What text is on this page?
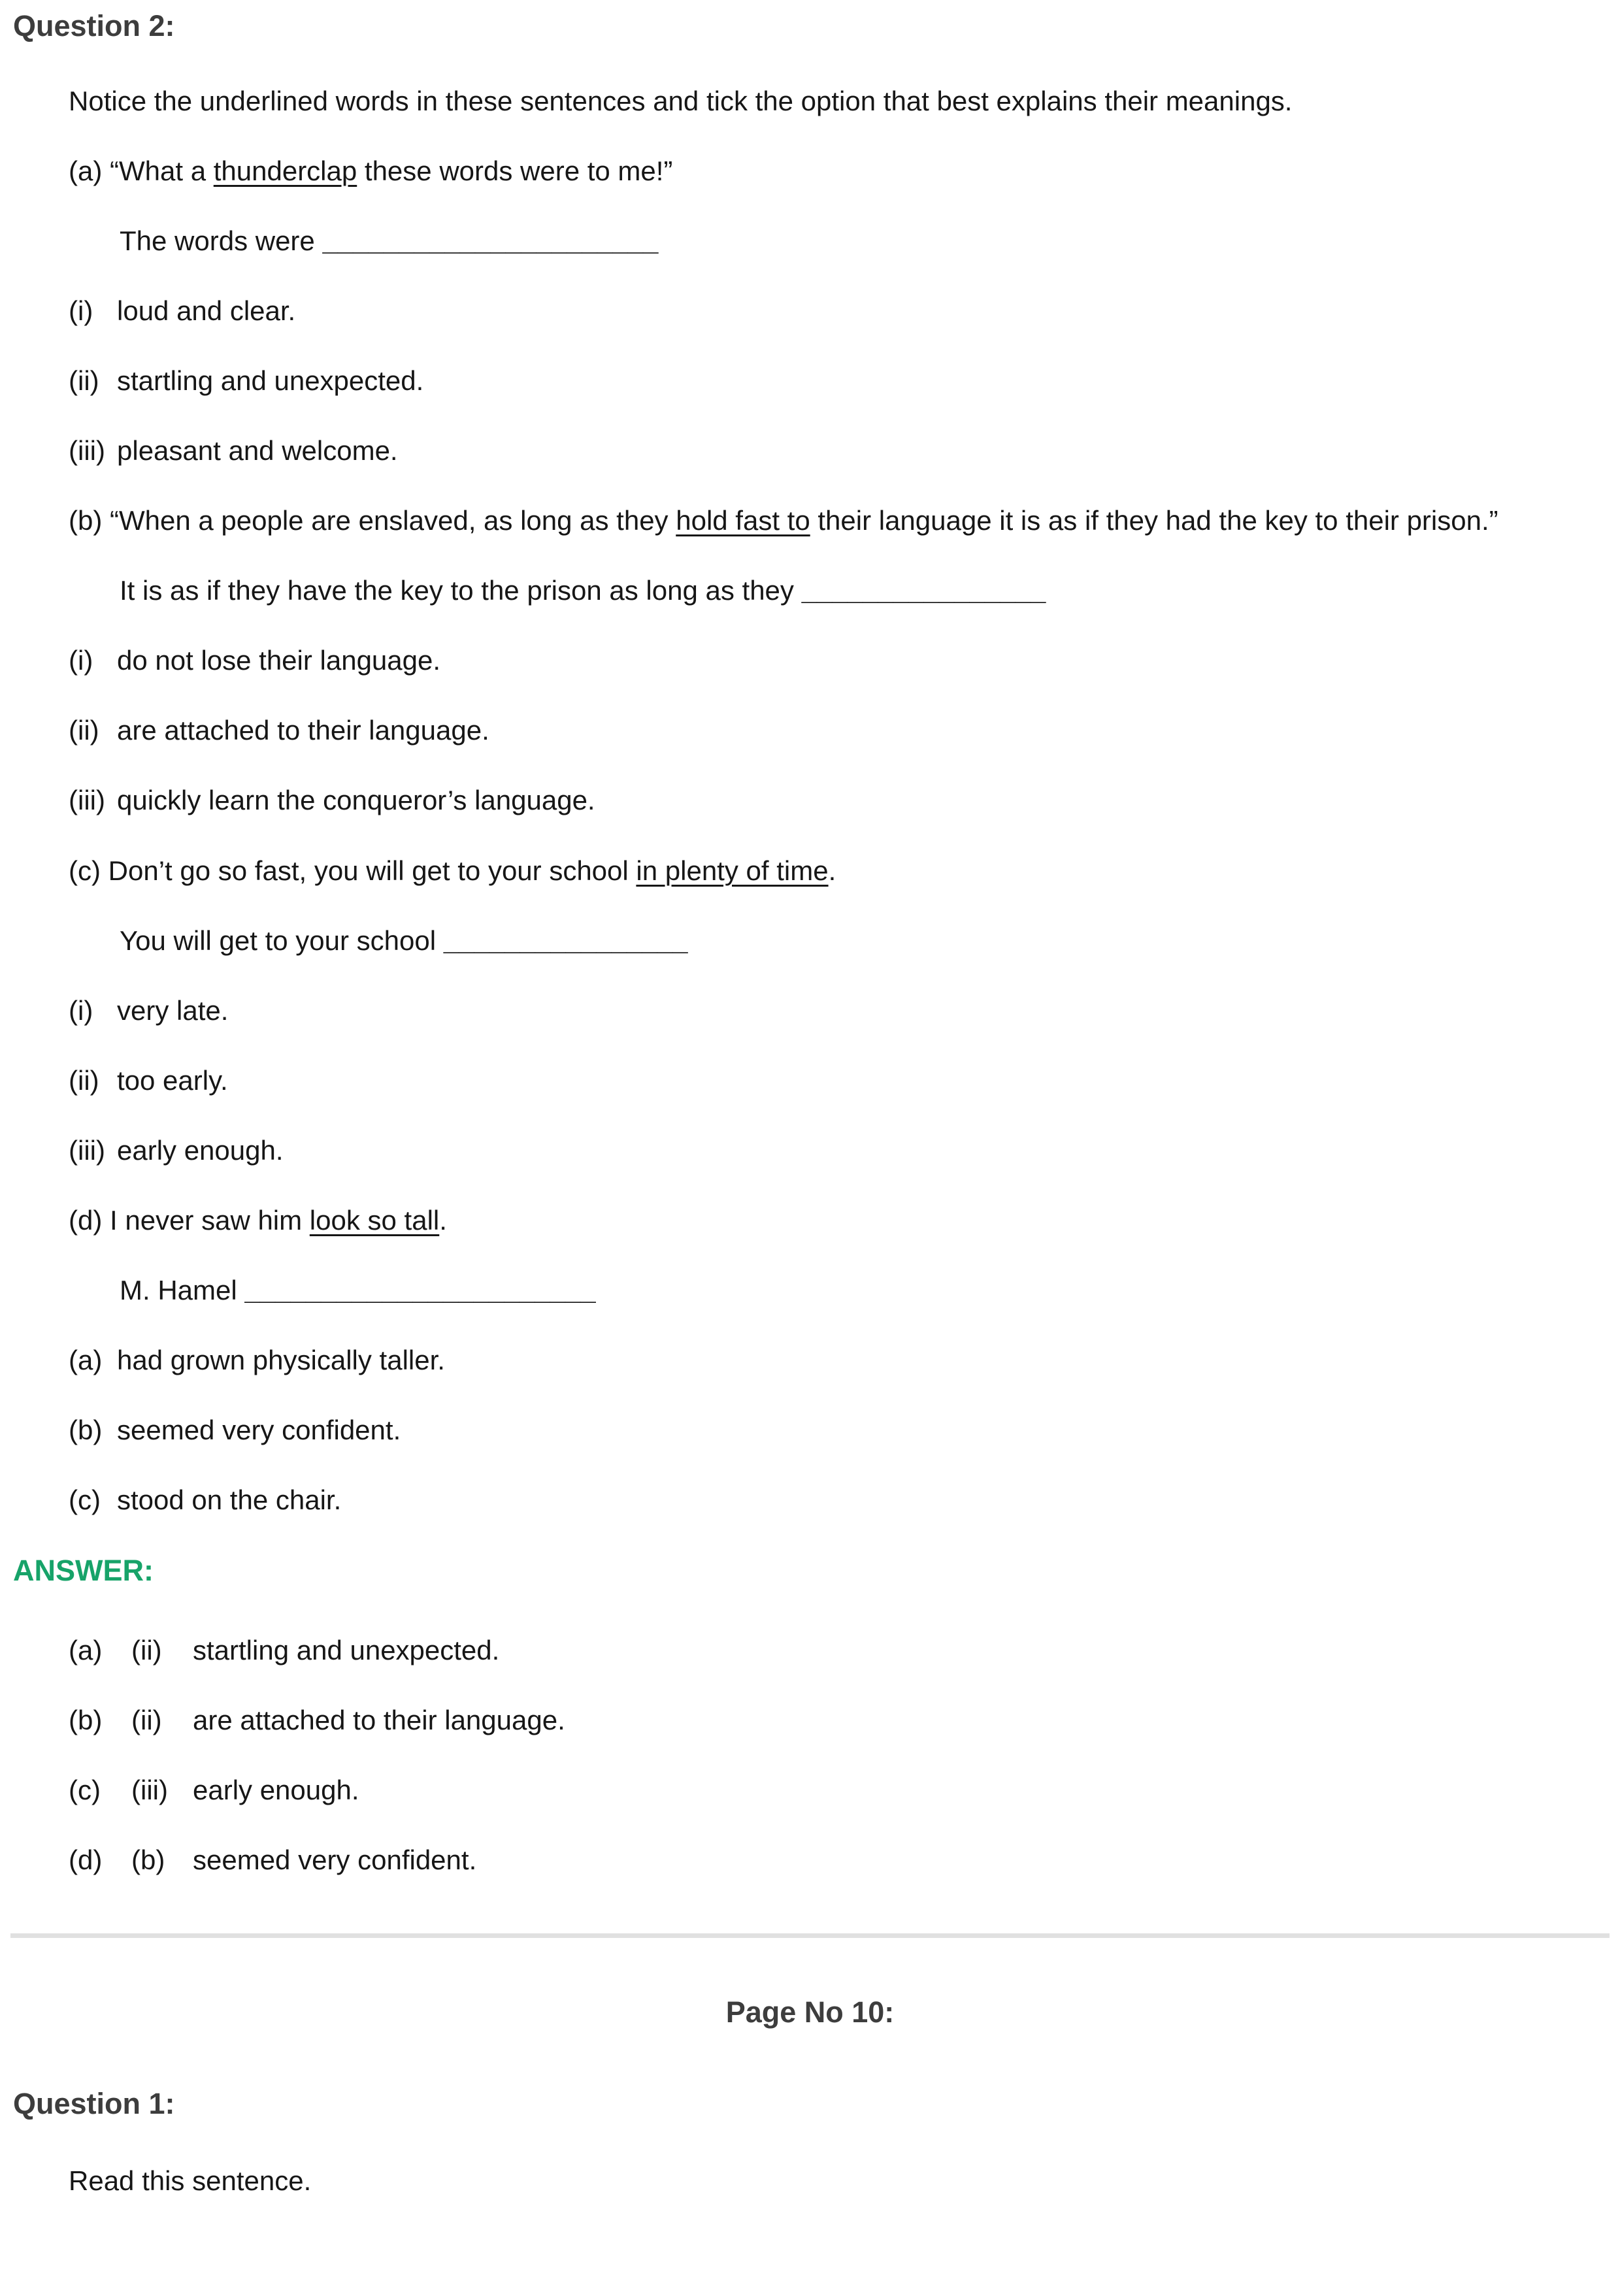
Question 2:

Notice the underlined words in these sentences and tick the option that best explains their meanings.

(a) “What a thunderclap these words were to me!”

The words were ______________________

(i) loud and clear.

(ii) startling and unexpected.

(iii) pleasant and welcome.

(b) “When a people are enslaved, as long as they hold fast to their language it is as if they had the key to their prison.”

It is as if they have the key to the prison as long as they ________________

(i) do not lose their language.

(ii) are attached to their language.

(iii) quickly learn the conqueror’s language.

(c) Don’t go so fast, you will get to your school in plenty of time.

You will get to your school ________________

(i) very late.

(ii) too early.

(iii) early enough.

(d) I never saw him look so tall.

M. Hamel _______________________

(a) had grown physically taller.

(b) seemed very confident.

(c) stood on the chair.

ANSWER:

(a) (ii) startling and unexpected.

(b) (ii) are attached to their language.

(c) (iii) early enough.

(d) (b) seemed very confident.

Page No 10:
Question 1:

Read this sentence.
